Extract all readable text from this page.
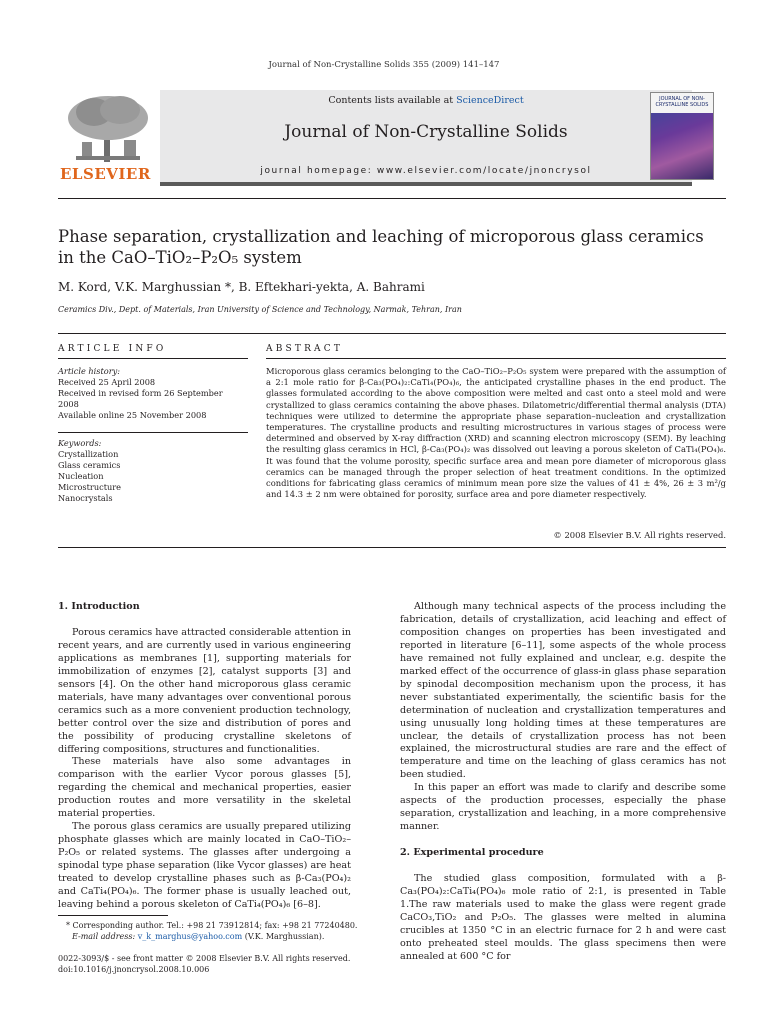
Journal of Non-Crystalline Solids 355 (2009) 141–147
ELSEVIER
Contents lists available at ScienceDirect
Journal of Non-Crystalline Solids
journal homepage: www.elsevier.com/locate/jnoncrysol
JOURNAL OF NON-CRYSTALLINE SOLIDS
Phase separation, crystallization and leaching of microporous glass ceramics
in the CaO–TiO₂–P₂O₅ system
M. Kord, V.K. Marghussian *, B. Eftekhari-yekta, A. Bahrami
Ceramics Div., Dept. of Materials, Iran University of Science and Technology, Narmak, Tehran, Iran
ARTICLE INFO
Article history:
Received 25 April 2008
Received in revised form 26 September
2008
Available online 25 November 2008
Keywords:
Crystallization
Glass ceramics
Nucleation
Microstructure
Nanocrystals
ABSTRACT
Microporous glass ceramics belonging to the CaO–TiO₂–P₂O₅ system were prepared with the assumption of a 2:1 mole ratio for β-Ca₃(PO₄)₂:CaTi₄(PO₄)₆, the anticipated crystalline phases in the end product. The glasses formulated according to the above composition were melted and cast onto a steel mold and were crystallized to glass ceramics containing the above phases. Dilatometric/differential thermal analysis (DTA) techniques were utilized to determine the appropriate phase separation–nucleation and crystallization temperatures. The crystalline products and resulting microstructures in various stages of process were determined and observed by X-ray diffraction (XRD) and scanning electron microscopy (SEM). By leaching the resulting glass ceramics in HCl, β-Ca₃(PO₄)₂ was dissolved out leaving a porous skeleton of CaTi₄(PO₄)₆. It was found that the volume porosity, specific surface area and mean pore diameter of microporous glass ceramics can be managed through the proper selection of heat treatment conditions. In the optimized conditions for fabricating glass ceramics of minimum mean pore size the values of 41 ± 4%, 26 ± 3 m²/g and 14.3 ± 2 nm were obtained for porosity, surface area and pore diameter respectively.
© 2008 Elsevier B.V. All rights reserved.
1. Introduction

Porous ceramics have attracted considerable attention in recent years, and are currently used in various engineering applications as membranes [1], supporting materials for immobilization of enzymes [2], catalyst supports [3] and sensors [4]. On the other hand microporous glass ceramic materials, have many advantages over conventional porous ceramics such as a more convenient production technology, better control over the size and distribution of pores and the possibility of producing crystalline skeletons of differing compositions, structures and functionalities.

These materials have also some advantages in comparison with the earlier Vycor porous glasses [5], regarding the chemical and mechanical properties, easier production routes and more versatility in the skeletal material properties.

The porous glass ceramics are usually prepared utilizing phosphate glasses which are mainly located in CaO–TiO₂–P₂O₅ or related systems. The glasses after undergoing a spinodal type phase separation (like Vycor glasses) are heat treated to develop crystalline phases such as β-Ca₃(PO₄)₂ and CaTi₄(PO₄)₆. The former phase is usually leached out, leaving behind a porous skeleton of CaTi₄(PO₄)₆ [6–8].

Although many technical aspects of the process including the fabrication, details of crystallization, acid leaching and effect of composition changes on properties has been investigated and reported in literature [6–11], some aspects of the whole process have remained not fully explained and unclear, e.g. despite the marked effect of the occurrence of glass-in glass phase separation by spinodal decomposition mechanism upon the process, it has never substantiated experimentally, the scientific basis for the determination of nucleation and crystallization temperatures and using unusually long holding times at these temperatures are unclear, the details of crystallization process has not been explained, the microstructural studies are rare and the effect of temperature and time on the leaching of glass ceramics has not been studied.

In this paper an effort was made to clarify and describe some aspects of the production processes, especially the phase separation, crystallization and leaching, in a more comprehensive manner.

2. Experimental procedure

The studied glass composition, formulated with a β-Ca₃(PO₄)₂:CaTi₄(PO₄)₆ mole ratio of 2:1, is presented in Table 1.The raw materials used to make the glass were regent grade CaCO₃,TiO₂ and P₂O₅. The glasses were melted in alumina crucibles at 1350 °C in an electric furnace for 2 h and were cast onto preheated steel moulds. The glass specimens then were annealed at 600 °C for

* Corresponding author. Tel.: +98 21 73912814; fax: +98 21 77240480.
E-mail address: v_k_marghus@yahoo.com (V.K. Marghussian).
0022-3093/$ - see front matter © 2008 Elsevier B.V. All rights reserved.
doi:10.1016/j.jnoncrysol.2008.10.006
